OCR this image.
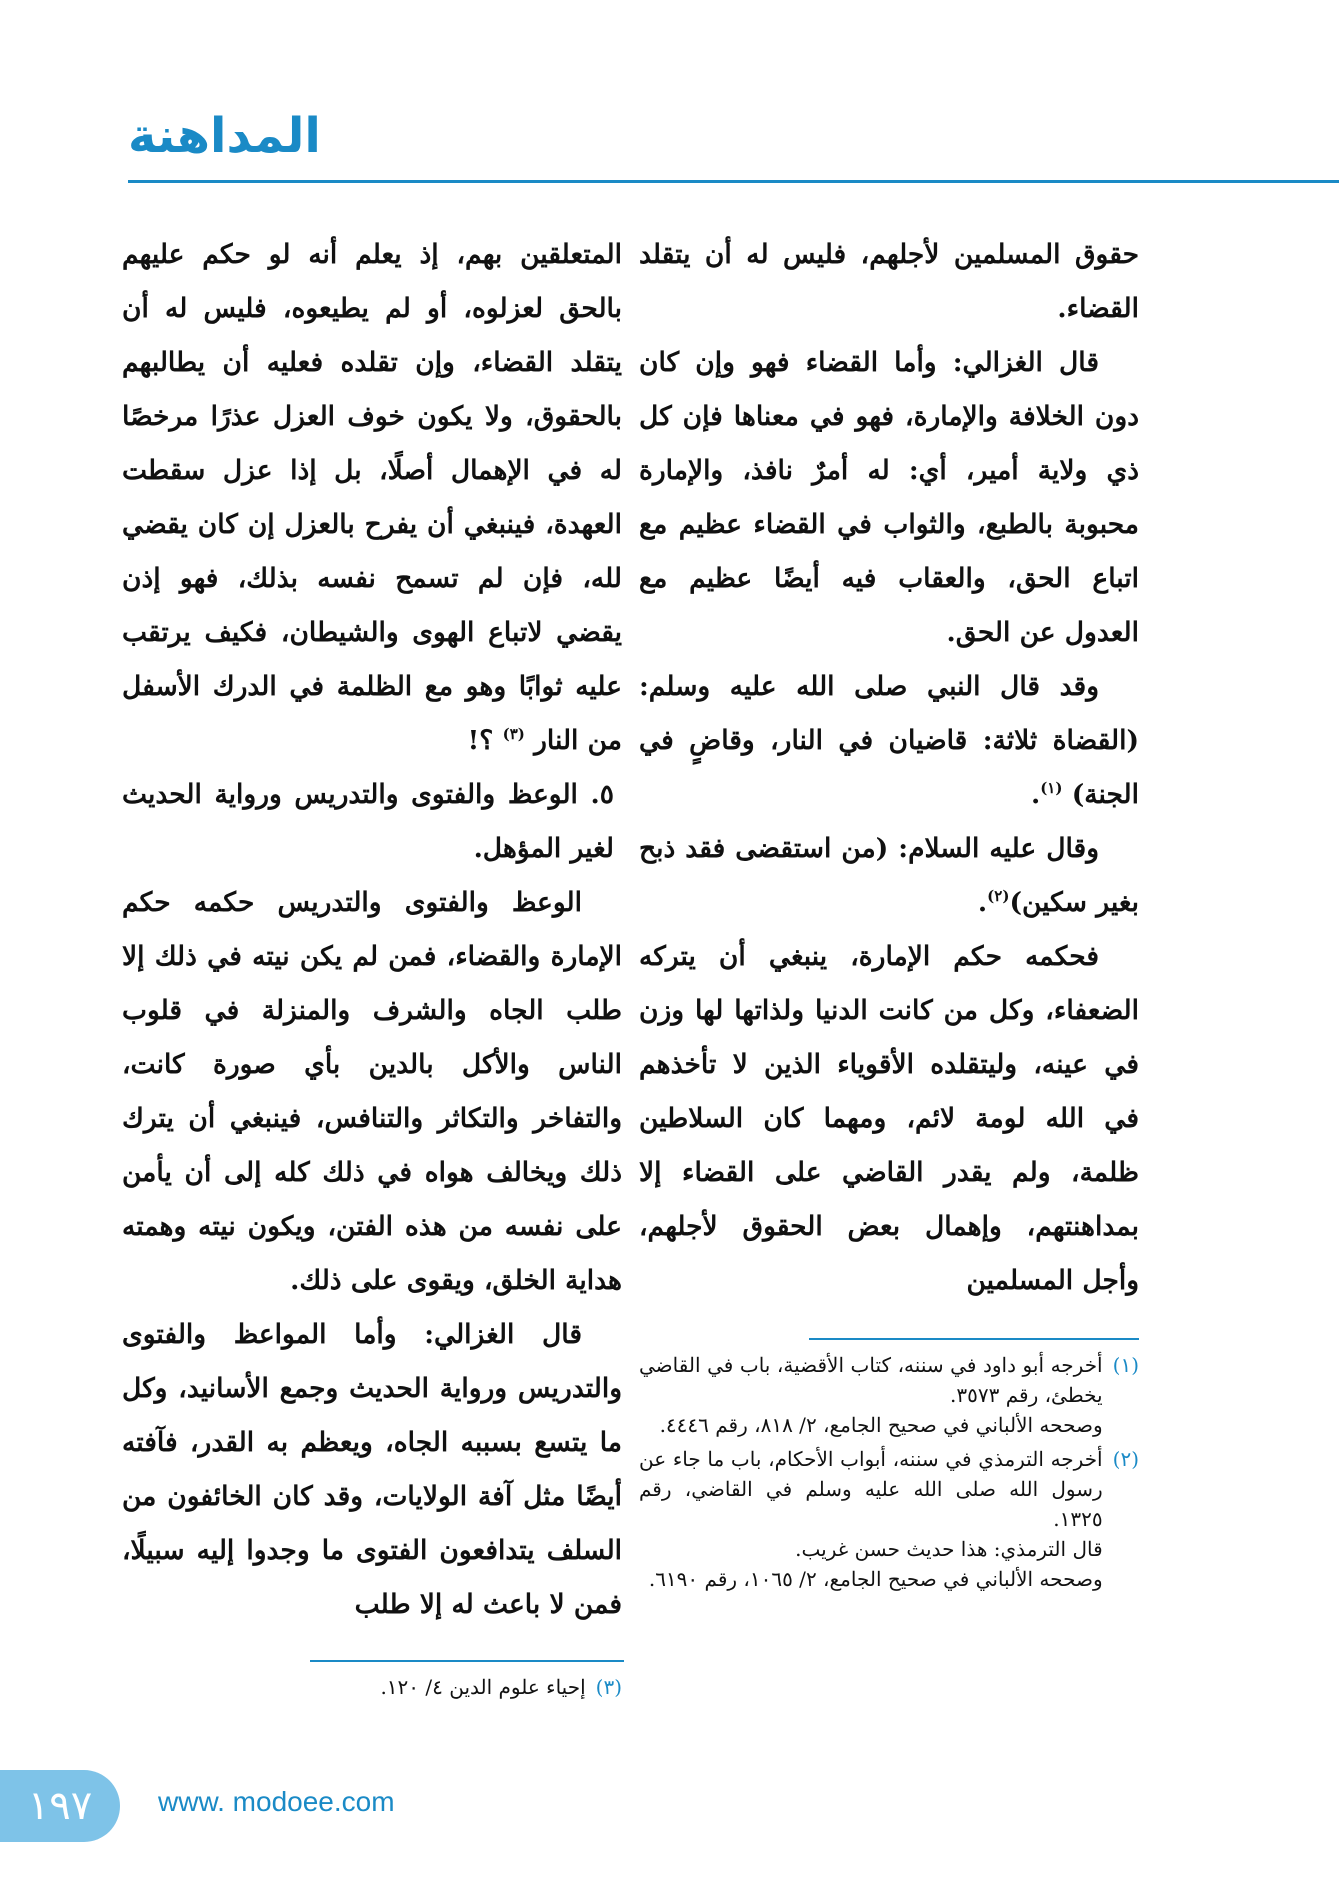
المداهنة

حقوق المسلمين لأجلهم، فليس له أن يتقلد القضاء.

قال الغزالي: وأما القضاء فهو وإن كان دون الخلافة والإمارة، فهو في معناها فإن كل ذي ولاية أمير، أي: له أمرٌ نافذ، والإمارة محبوبة بالطبع، والثواب في القضاء عظيم مع اتباع الحق، والعقاب فيه أيضًا عظيم مع العدول عن الحق.

وقد قال النبي صلى الله عليه وسلم: (القضاة ثلاثة: قاضيان في النار، وقاضٍ في الجنة) $^{(١)}$.

وقال عليه السلام: (من استقضى فقد ذبح بغير سكين)$^{(٢)}$.

فحكمه حكم الإمارة، ينبغي أن يتركه الضعفاء، وكل من كانت الدنيا ولذاتها لها وزن في عينه، وليتقلده الأقوياء الذين لا تأخذهم في الله لومة لائم، ومهما كان السلاطين ظلمة، ولم يقدر القاضي على القضاء إلا بمداهنتهم، وإهمال بعض الحقوق لأجلهم، وأجل المسلمين

المتعلقين بهم، إذ يعلم أنه لو حكم عليهم بالحق لعزلوه، أو لم يطيعوه، فليس له أن يتقلد القضاء، وإن تقلده فعليه أن يطالبهم بالحقوق، ولا يكون خوف العزل عذرًا مرخصًا له في الإهمال أصلًا، بل إذا عزل سقطت العهدة، فينبغي أن يفرح بالعزل إن كان يقضي لله، فإن لم تسمح نفسه بذلك، فهو إذن يقضي لاتباع الهوى والشيطان، فكيف يرتقب عليه ثوابًا وهو مع الظلمة في الدرك الأسفل من النار $^{(٣)}$ ؟!

٥. الوعظ والفتوى والتدريس ورواية الحديث لغير المؤهل.

الوعظ والفتوى والتدريس حكمه حكم الإمارة والقضاء، فمن لم يكن نيته في ذلك إلا طلب الجاه والشرف والمنزلة في قلوب الناس والأكل بالدين بأي صورة كانت، والتفاخر والتكاثر والتنافس، فينبغي أن يترك ذلك ويخالف هواه في ذلك كله إلى أن يأمن على نفسه من هذه الفتن، ويكون نيته وهمته هداية الخلق، ويقوى على ذلك.

قال الغزالي: وأما المواعظ والفتوى والتدريس ورواية الحديث وجمع الأسانيد، وكل ما يتسع بسببه الجاه، ويعظم به القدر، فآفته أيضًا مثل آفة الولايات، وقد كان الخائفون من السلف يتدافعون الفتوى ما وجدوا إليه سبيلًا، فمن لا باعث له إلا طلب

(١)
أخرجه أبو داود في سننه، كتاب الأقضية، باب في القاضي يخطئ، رقم ٣٥٧٣.
وصححه الألباني في صحيح الجامع، ٢/ ٨١٨، رقم ٤٤٤٦.
(٢)
أخرجه الترمذي في سننه، أبواب الأحكام، باب ما جاء عن رسول الله صلى الله عليه وسلم في القاضي، رقم ١٣٢٥.
قال الترمذي: هذا حديث حسن غريب.
وصححه الألباني في صحيح الجامع، ٢/ ١٠٦٥، رقم ٦١٩٠.
(٣)
إحياء علوم الدين ٤/ ١٢٠.
١٩٧ www. modoee.com
